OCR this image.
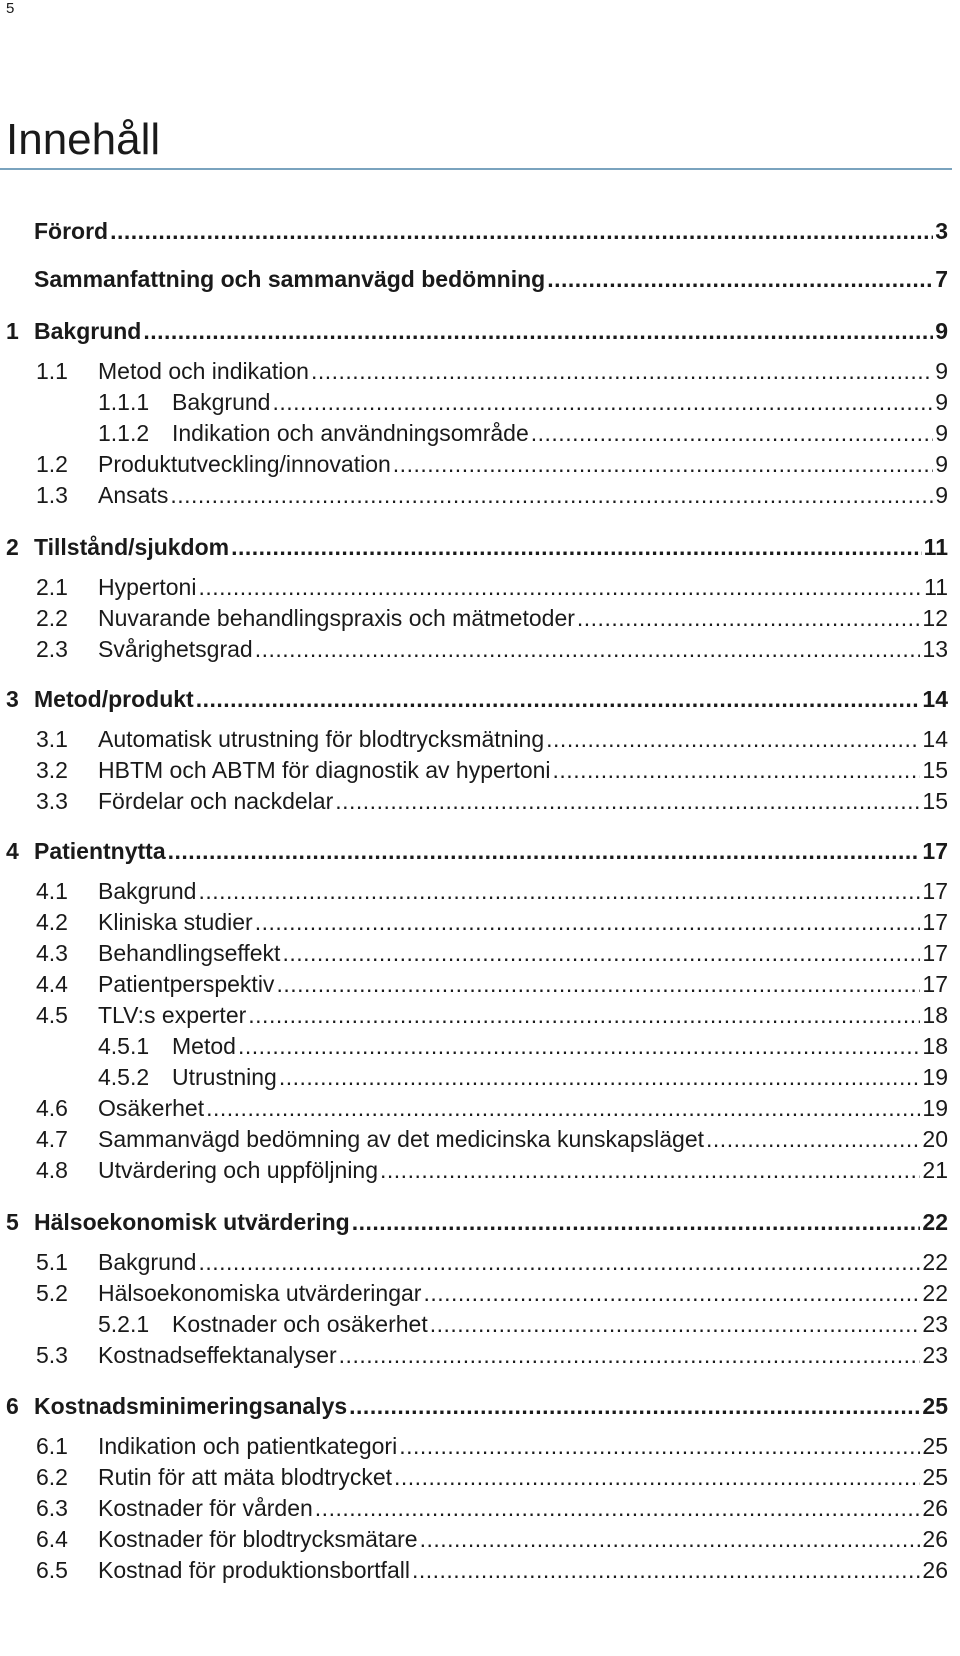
5
Innehåll
Förord .....	3
Sammanfattning och sammanvägd bedömning .....	7
1 Bakgrund .....	9
1.1	Metod och indikation .....	9
1.1.1 Bakgrund .....	9
1.1.2 Indikation och användningsområde .....	9
1.2	Produktutveckling/innovation .....	9
1.3	Ansats .....	9
2 Tillstånd/sjukdom .....	11
2.1	Hypertoni .....	11
2.2	Nuvarande behandlingspraxis och mätmetoder .....	12
2.3	Svårighetsgrad .....	13
3 Metod/produkt .....	14
3.1	Automatisk utrustning för blodtrycksmätning .....	14
3.2	HBTM och ABTM för diagnostik av hypertoni .....	15
3.3	Fördelar och nackdelar .....	15
4 Patientnytta .....	17
4.1	Bakgrund .....	17
4.2	Kliniska studier .....	17
4.3	Behandlingseffekt .....	17
4.4	Patientperspektiv .....	17
4.5	TLV:s experter .....	18
4.5.1 Metod .....	18
4.5.2 Utrustning .....	19
4.6	Osäkerhet .....	19
4.7	Sammanvägd bedömning av det medicinska kunskapsläget .....	20
4.8	Utvärdering och uppföljning .....	21
5 Hälsoekonomisk utvärdering .....	22
5.1	Bakgrund .....	22
5.2	Hälsoekonomiska utvärderingar .....	22
5.2.1 Kostnader och osäkerhet .....	23
5.3	Kostnadseffektanalyser .....	23
6 Kostnadsminimeringsanalys .....	25
6.1	Indikation och patientkategori .....	25
6.2	Rutin för att mäta blodtrycket .....	25
6.3	Kostnader för vården .....	26
6.4	Kostnader för blodtrycksmätare .....	26
6.5	Kostnad för produktionsbortfall .....	26
